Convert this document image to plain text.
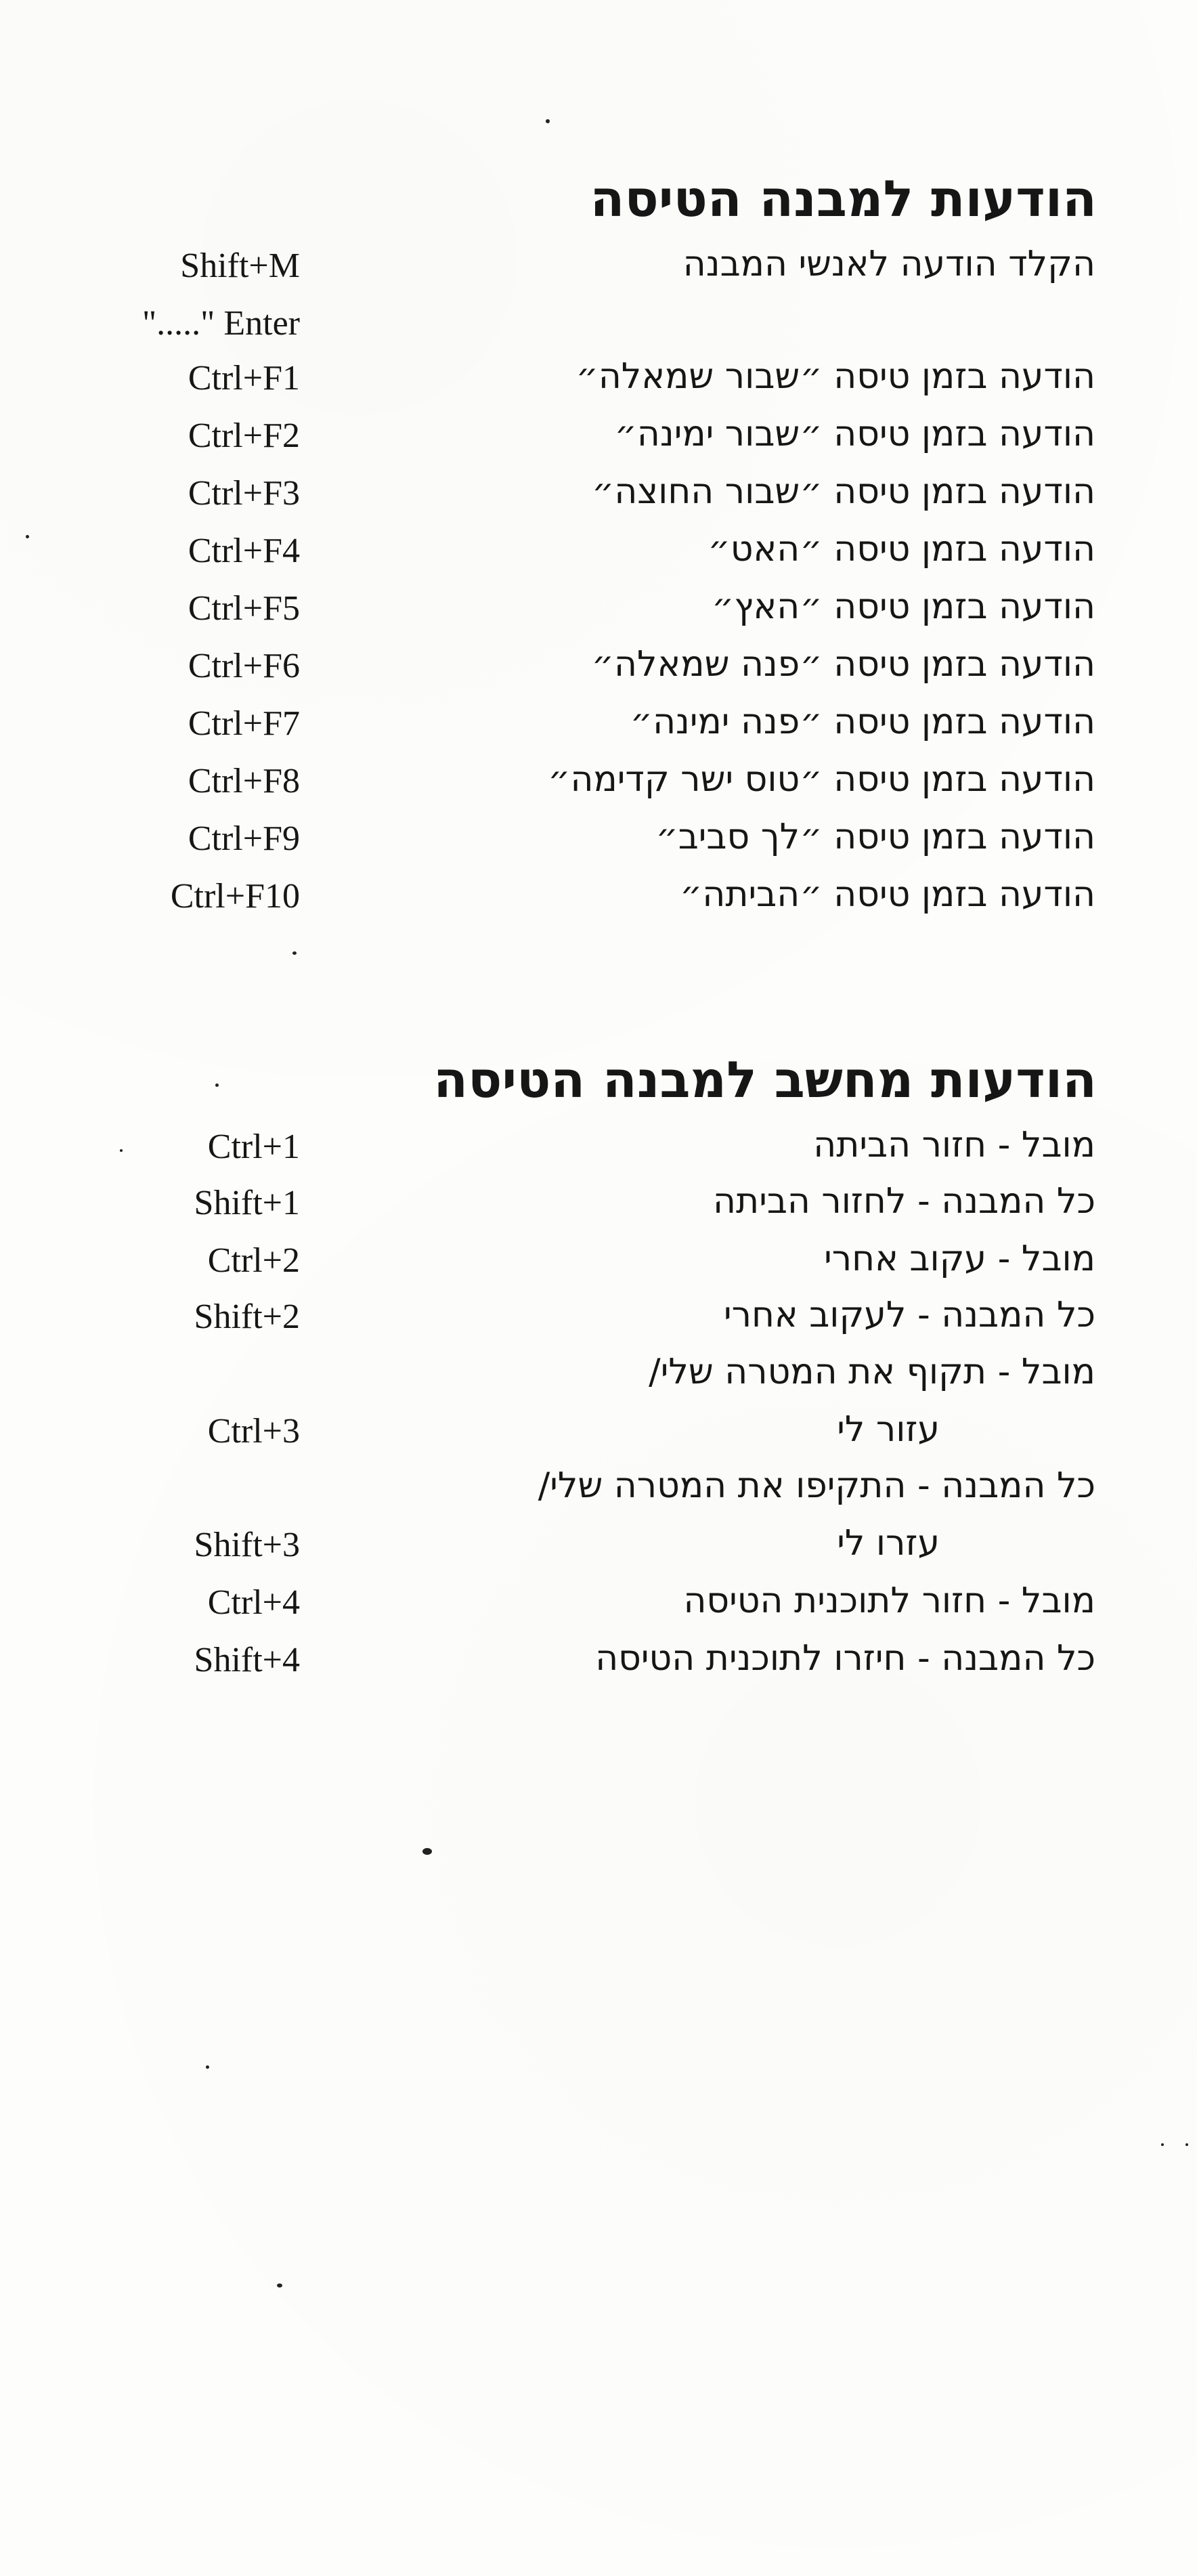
הודעות למבנה הטיסה
הקלד הודעה לאנשי המבנה
Shift+M
"....." Enter
הודעה בזמן טיסה ״שבור שמאלה״
Ctrl+F1
הודעה בזמן טיסה ״שבור ימינה״
Ctrl+F2
הודעה בזמן טיסה ״שבור החוצה״
Ctrl+F3
הודעה בזמן טיסה ״האט״
Ctrl+F4
הודעה בזמן טיסה ״האץ״
Ctrl+F5
הודעה בזמן טיסה ״פנה שמאלה״
Ctrl+F6
הודעה בזמן טיסה ״פנה ימינה״
Ctrl+F7
הודעה בזמן טיסה ״טוס ישר קדימה״
Ctrl+F8
הודעה בזמן טיסה ״לך סביב״
Ctrl+F9
הודעה בזמן טיסה ״הביתה״
Ctrl+F10
הודעות מחשב למבנה הטיסה
מובל - חזור הביתה
Ctrl+1
כל המבנה - לחזור הביתה
Shift+1
מובל - עקוב אחרי
Ctrl+2
כל המבנה - לעקוב אחרי
Shift+2
מובל - תקוף את המטרה שלי/
עזור לי
Ctrl+3
כל המבנה - התקיפו את המטרה שלי/
עזרו לי
Shift+3
מובל - חזור לתוכנית הטיסה
Ctrl+4
כל המבנה - חיזרו לתוכנית הטיסה
Shift+4
